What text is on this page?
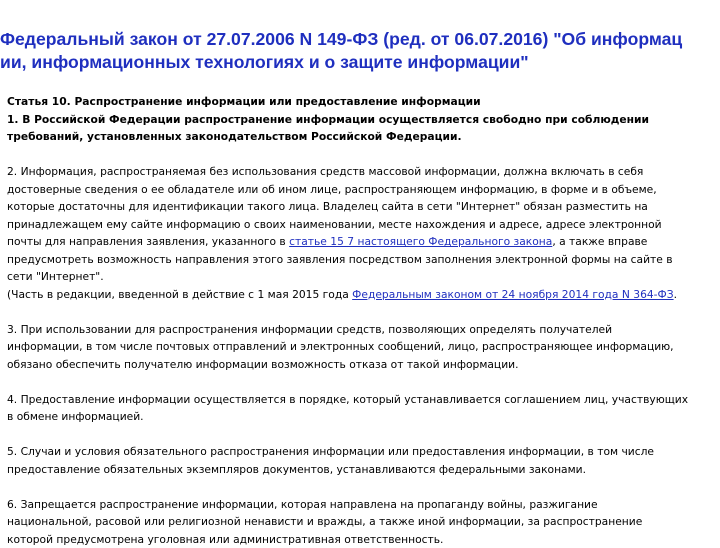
Федеральный закон от 27.07.2006 N 149-ФЗ (ред. от 06.07.2016) "Об информац
ии, информационных технологиях и о защите информации"
Статья 10. Распространение информации или предоставление информации
1. В Российской Федерации распространение информации осуществляется свободно при соблюдении
требований, установленных законодательством Российской Федерации.
2. Информация, распространяемая без использования средств массовой информации, должна включать в себя
достоверные сведения о ее обладателе или об ином лице, распространяющем информацию, в форме и в объеме,
которые достаточны для идентификации такого лица. Владелец сайта в сети "Интернет" обязан разместить на
принадлежащем ему сайте информацию о своих наименовании, месте нахождения и адресе, адресе электронной
почты для направления заявления, указанного в статье 15 7 настоящего Федерального закона, а также вправе
предусмотреть возможность направления этого заявления посредством заполнения электронной формы на сайте в
сети "Интернет".
(Часть в редакции, введенной в действие с 1 мая 2015 года Федеральным законом от 24 ноября 2014 года N 364-ФЗ.
3. При использовании для распространения информации средств, позволяющих определять получателей
информации, в том числе почтовых отправлений и электронных сообщений, лицо, распространяющее информацию,
обязано обеспечить получателю информации возможность отказа от такой информации.
4. Предоставление информации осуществляется в порядке, который устанавливается соглашением лиц, участвующих
в обмене информацией.
5. Случаи и условия обязательного распространения информации или предоставления информации, в том числе
предоставление обязательных экземпляров документов, устанавливаются федеральными законами.
6. Запрещается распространение информации, которая направлена на пропаганду войны, разжигание
национальной, расовой или религиозной ненависти и вражды, а также иной информации, за распространение
которой предусмотрена уголовная или административная ответственность.
